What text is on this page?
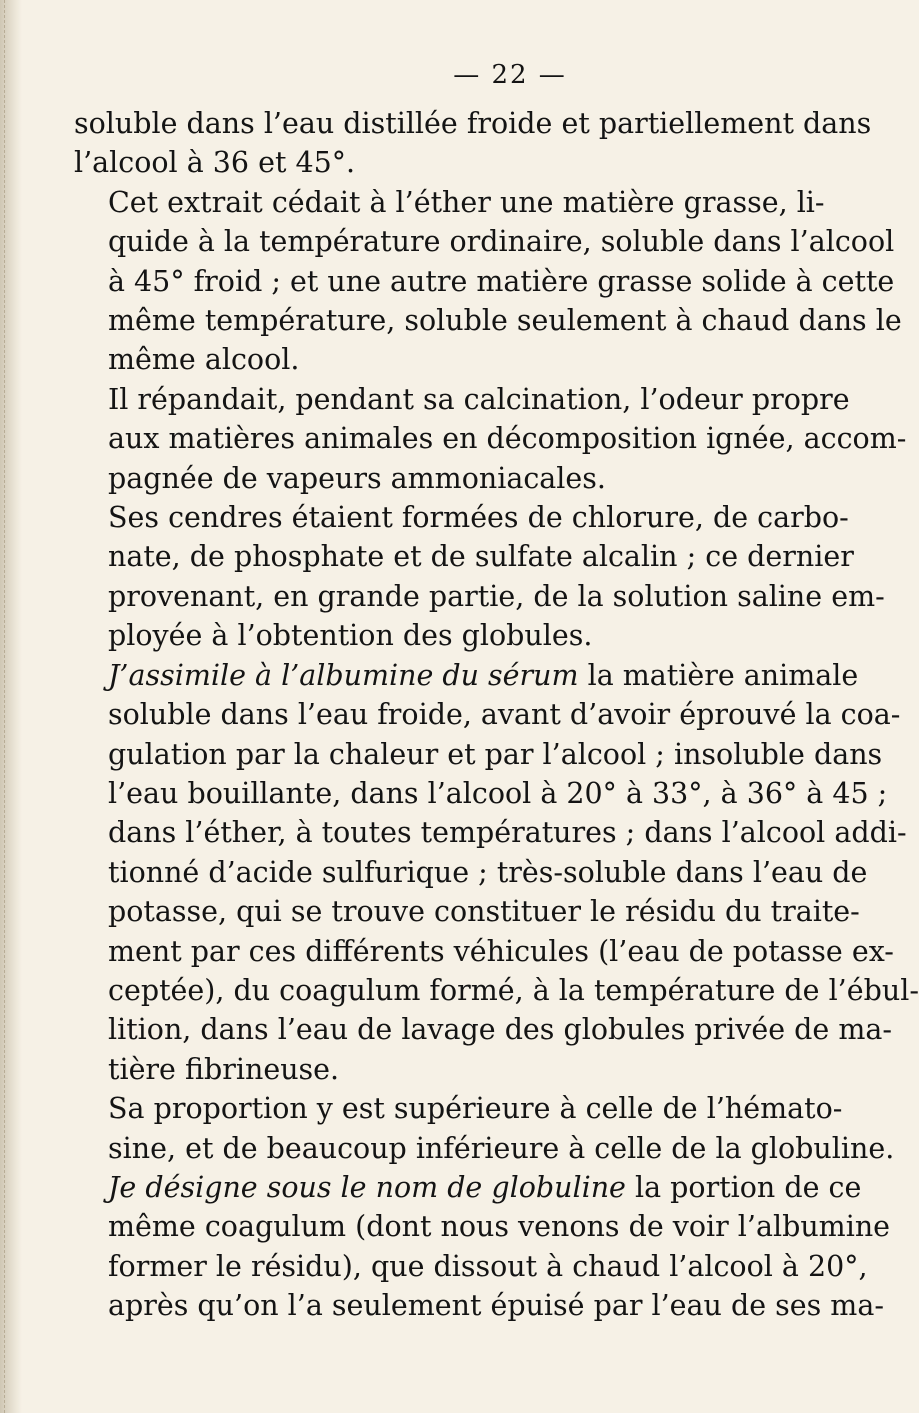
— 22 —

soluble dans l’eau distillée froide et partiellement dans
l’alcool à 36 et 45°.

Cet extrait cédait à l’éther une matière grasse, li-
quide à la température ordinaire, soluble dans l’alcool
à 45° froid ; et une autre matière grasse solide à cette
même température, soluble seulement à chaud dans le
même alcool.

Il répandait, pendant sa calcination, l’odeur propre
aux matières animales en décomposition ignée, accom-
pagnée de vapeurs ammoniacales.

Ses cendres étaient formées de chlorure, de carbo-
nate, de phosphate et de sulfate alcalin ; ce dernier
provenant, en grande partie, de la solution saline em-
ployée à l’obtention des globules.

J’assimile à l’albumine du sérum la matière animale
soluble dans l’eau froide, avant d’avoir éprouvé la coa-
gulation par la chaleur et par l’alcool ; insoluble dans
l’eau bouillante, dans l’alcool à 20° à 33°, à 36° à 45 ;
dans l’éther, à toutes températures ; dans l’alcool addi-
tionné d’acide sulfurique ; très-soluble dans l’eau de
potasse, qui se trouve constituer le résidu du traite-
ment par ces différents véhicules (l’eau de potasse ex-
ceptée), du coagulum formé, à la température de l’ébul-
lition, dans l’eau de lavage des globules privée de ma-
tière fibrineuse.

Sa proportion y est supérieure à celle de l’hémato-
sine, et de beaucoup inférieure à celle de la globuline.

Je désigne sous le nom de globuline la portion de ce
même coagulum (dont nous venons de voir l’albumine
former le résidu), que dissout à chaud l’alcool à 20°,
après qu’on l’a seulement épuisé par l’eau de ses ma-
